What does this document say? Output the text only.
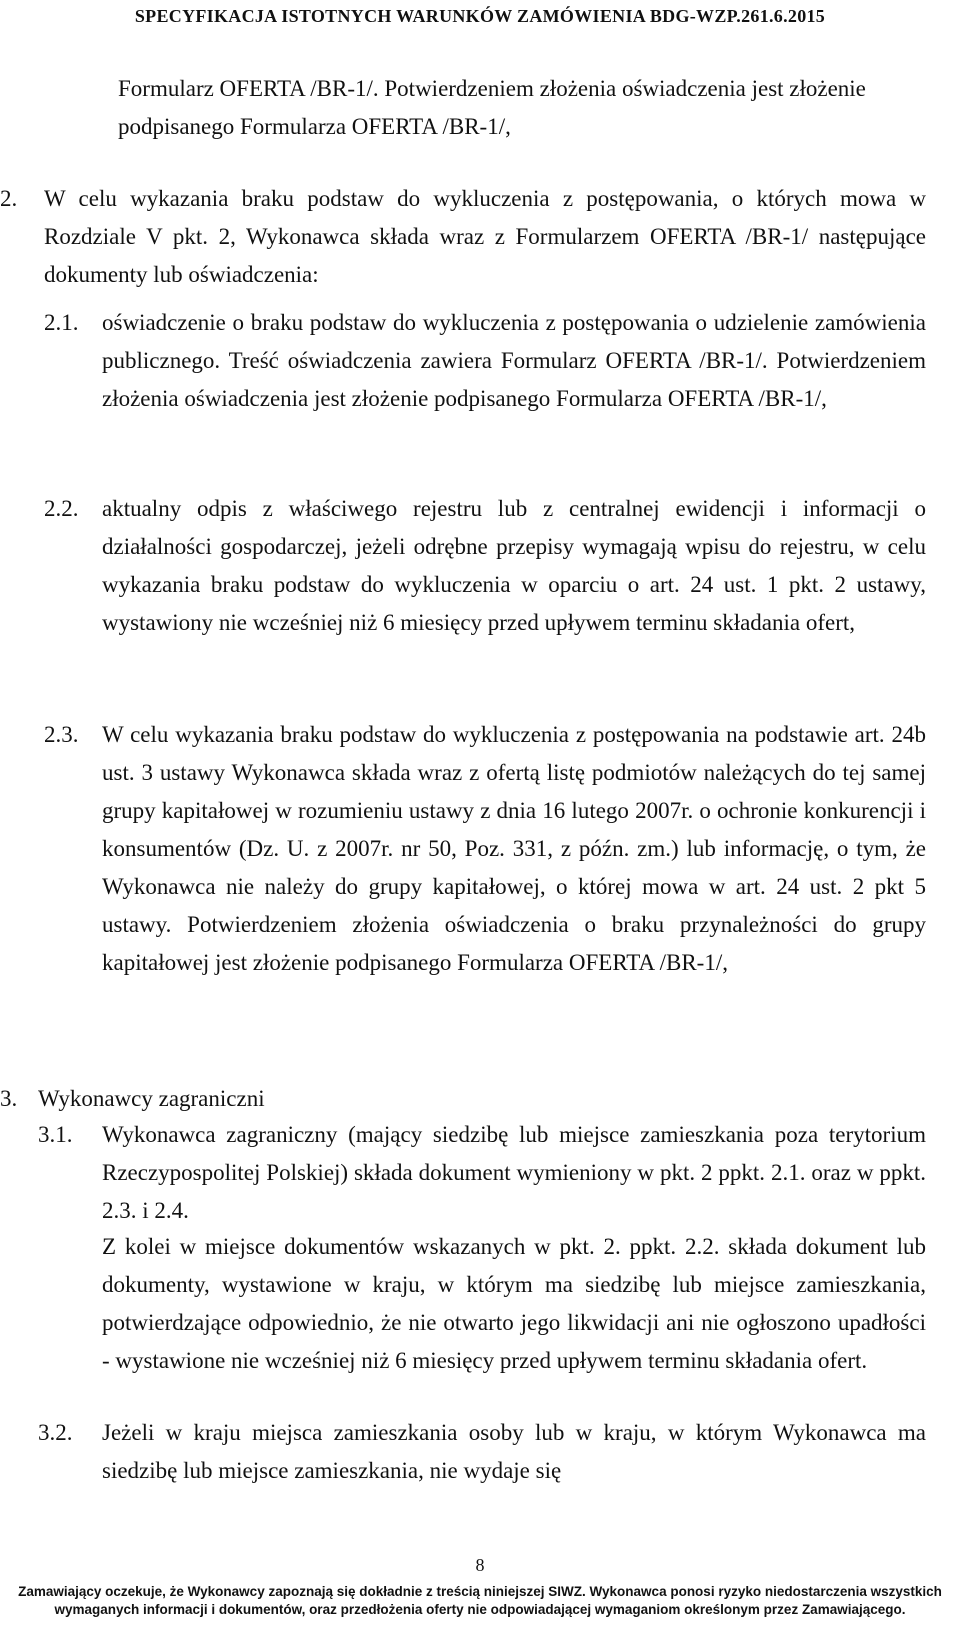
SPECYFIKACJA ISTOTNYCH WARUNKÓW ZAMÓWIENIA BDG-WZP.261.6.2015

Formularz OFERTA /BR-1/. Potwierdzeniem złożenia oświadczenia jest złożenie podpisanego Formularza OFERTA /BR-1/,

2. W celu wykazania braku podstaw do wykluczenia z postępowania, o których mowa w Rozdziale V pkt. 2, Wykonawca składa wraz z Formularzem OFERTA /BR-1/ następujące dokumenty lub oświadczenia:

2.1. oświadczenie o braku podstaw do wykluczenia z postępowania o udzielenie zamówienia publicznego. Treść oświadczenia zawiera Formularz OFERTA /BR-1/. Potwierdzeniem złożenia oświadczenia jest złożenie podpisanego Formularza OFERTA /BR-1/,

2.2. aktualny odpis z właściwego rejestru lub z centralnej ewidencji i informacji o działalności gospodarczej, jeżeli odrębne przepisy wymagają wpisu do rejestru, w celu wykazania braku podstaw do wykluczenia w oparciu o art. 24 ust. 1 pkt. 2 ustawy, wystawiony nie wcześniej niż 6 miesięcy przed upływem terminu składania ofert,

2.3. W celu wykazania braku podstaw do wykluczenia z postępowania na podstawie art. 24b ust. 3 ustawy Wykonawca składa wraz z ofertą listę podmiotów należących do tej samej grupy kapitałowej w rozumieniu ustawy z dnia 16 lutego 2007r. o ochronie konkurencji i konsumentów (Dz. U. z 2007r. nr 50, Poz. 331, z późn. zm.) lub informację, o tym, że Wykonawca nie należy do grupy kapitałowej, o której mowa w art. 24 ust. 2 pkt 5 ustawy. Potwierdzeniem złożenia oświadczenia o braku przynależności do grupy kapitałowej jest złożenie podpisanego Formularza OFERTA /BR-1/,

3. Wykonawcy zagraniczni

3.1. Wykonawca zagraniczny (mający siedzibę lub miejsce zamieszkania poza terytorium Rzeczypospolitej Polskiej) składa dokument wymieniony w pkt. 2 ppkt. 2.1. oraz w ppkt. 2.3. i 2.4.

Z kolei w miejsce dokumentów wskazanych w pkt. 2. ppkt. 2.2. składa dokument lub dokumenty, wystawione w kraju, w którym ma siedzibę lub miejsce zamieszkania, potwierdzające odpowiednio, że nie otwarto jego likwidacji ani nie ogłoszono upadłości - wystawione nie wcześniej niż 6 miesięcy przed upływem terminu składania ofert.

3.2. Jeżeli w kraju miejsca zamieszkania osoby lub w kraju, w którym Wykonawca ma siedzibę lub miejsce zamieszkania, nie wydaje się

8
Zamawiający oczekuje, że Wykonawcy zapoznają się dokładnie z treścią niniejszej SIWZ. Wykonawca ponosi ryzyko niedostarczenia wszystkich
wymaganych informacji i dokumentów, oraz przedłożenia oferty nie odpowiadającej wymaganiom określonym przez Zamawiającego.
